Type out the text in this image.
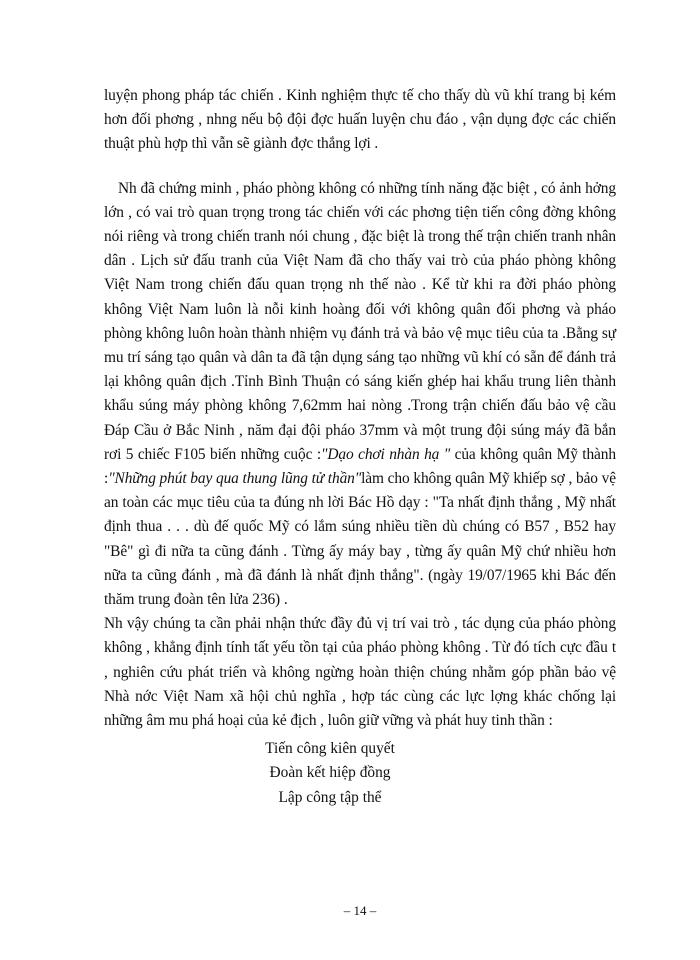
luyện phong pháp tác chiến . Kinh nghiệm thực tế cho thấy dù vũ khí trang bị kém hơn đối phơng , nhng nếu bộ đội đợc huấn luyện chu đáo , vận dụng đợc các chiến thuật phù hợp thì vẫn sẽ giành đợc thắng lợi .

Nh đã chứng minh , pháo phòng không có những tính năng đặc biệt , có ảnh hởng lớn , có vai trò quan trọng trong tác chiến với các phơng tiện tiến công đờng không nói riêng và trong chiến tranh nói chung , đặc biệt là trong thế trận chiến tranh nhân dân . Lịch sử đấu tranh của Việt Nam đã cho thấy vai trò của pháo phòng không Việt Nam trong chiến đấu quan trọng nh thế nào . Kể từ khi ra đời pháo phòng không Việt Nam luôn là nỗi kinh hoàng đối với không quân đối phơng và pháo phòng không luôn hoàn thành nhiệm vụ đánh trả và bảo vệ mục tiêu của ta .Bằng sự mu trí sáng tạo quân và dân ta đã tận dụng sáng tạo những vũ khí có sẵn để đánh trả lại không quân địch .Tỉnh Bình Thuận có sáng kiến ghép hai khẩu trung liên thành khẩu súng máy phòng không 7,62mm hai nòng .Trong trận chiến đấu bảo vệ cầu Đáp Cầu ở Bắc Ninh , năm đại đội pháo 37mm và một trung đội súng máy đã bắn rơi 5 chiếc F105 biến những cuộc :"Dạo chơi nhàn hạ " của không quân Mỹ thành :"Những phút bay qua thung lũng tử thần"làm cho không quân Mỹ khiếp sợ , bảo vệ an toàn các mục tiêu của ta đúng nh lời Bác Hồ dạy : "Ta nhất định thắng , Mỹ nhất định thua . . . dù đế quốc Mỹ có lắm súng nhiều tiền dù chúng có B57 , B52 hay "Bê" gì đi nữa ta cũng đánh . Từng ấy máy bay , từng ấy quân Mỹ chứ nhiều hơn nữa ta cũng đánh , mà đã đánh là nhất định thắng". (ngày 19/07/1965 khi Bác đến thăm trung đoàn tên lửa 236) .

Nh vậy chúng ta cần phải nhận thức đầy đủ vị trí vai trò , tác dụng của pháo phòng không , khẳng định tính tất yếu tồn tại của pháo phòng không . Từ đó tích cực đầu t , nghiên cứu phát triển và không ngừng hoàn thiện chúng nhằm góp phần bảo vệ Nhà nớc Việt Nam xã hội chủ nghĩa , hợp tác cùng các lực lợng khác chống lại những âm mu phá hoại của kẻ địch , luôn giữ vững và phát huy tinh thần :

Tiến công kiên quyết
Đoàn kết hiệp đồng
Lập công tập thể
– 14 –
